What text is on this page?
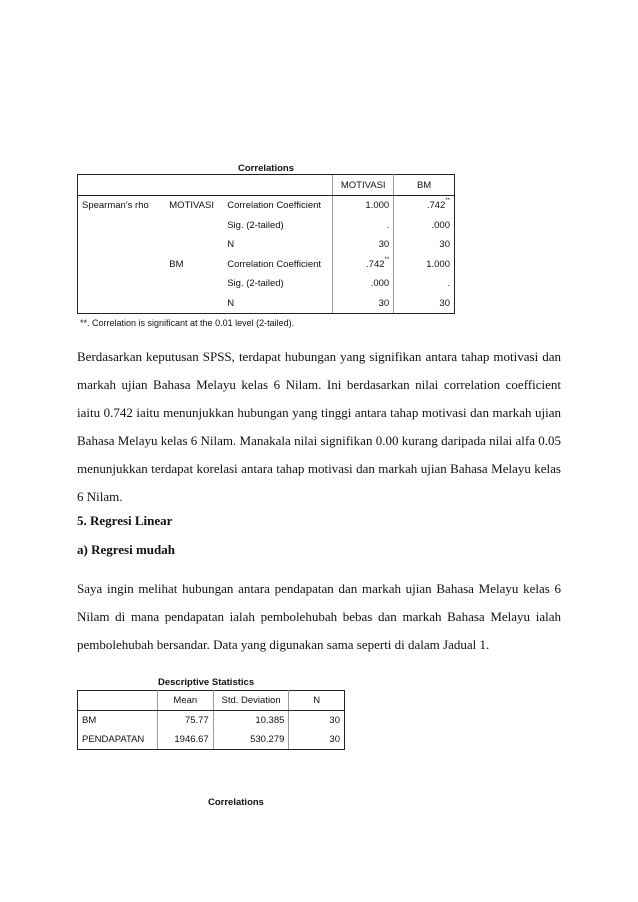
Correlations
			MOTIVASI	BM
Spearman's rho	MOTIVASI	Correlation Coefficient	1.000	.742**
		Sig. (2-tailed)	.	.000
		N	30	30
	BM	Correlation Coefficient	.742**	1.000
		Sig. (2-tailed)	.000	.
		N	30	30
**. Correlation is significant at the 0.01 level (2-tailed).
Berdasarkan keputusan SPSS, terdapat hubungan yang signifikan antara tahap motivasi dan markah ujian Bahasa Melayu kelas 6 Nilam. Ini berdasarkan nilai correlation coefficient iaitu 0.742 iaitu menunjukkan hubungan yang tinggi antara tahap motivasi dan markah ujian Bahasa Melayu kelas 6 Nilam. Manakala nilai signifikan 0.00 kurang daripada nilai alfa 0.05 menunjukkan terdapat korelasi antara tahap motivasi dan markah ujian Bahasa Melayu kelas 6 Nilam.
5. Regresi Linear
a) Regresi mudah
Saya ingin melihat hubungan antara pendapatan dan markah ujian Bahasa Melayu kelas 6 Nilam di mana pendapatan ialah pembolehubah bebas dan markah Bahasa Melayu ialah pembolehubah bersandar. Data yang digunakan sama seperti di dalam Jadual 1.
Descriptive Statistics
	Mean	Std. Deviation	N
BM	75.77	10.385	30
PENDAPATAN	1946.67	530.279	30
Correlations
